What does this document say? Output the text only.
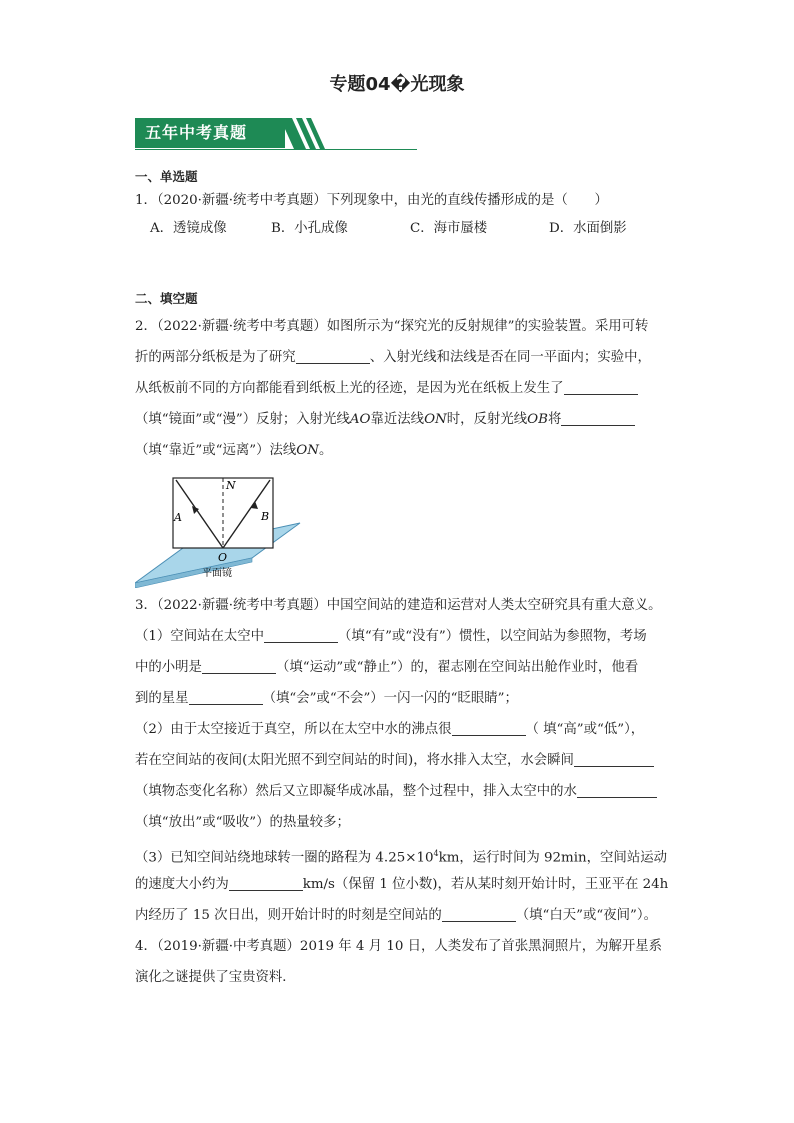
专题04�光现象
五年中考真题
一、单选题
1．（2020·新疆·统考中考真题）下列现象中，由光的直线传播形成的是（　　）
A．透镜成像	B．小孔成像	C．海市蜃楼	D．水面倒影
二、填空题
2．（2022·新疆·统考中考真题）如图所示为“探究光的反射规律”的实验装置。采用可转
折的两部分纸板是为了研究	、入射光线和法线是否在同一平面内；实验中，
从纸板前不同的方向都能看到纸板上光的径迹，是因为光在纸板上发生了
（填“镜面”或“漫”）反射；入射光线AO靠近法线ON时，反射光线OB将
（填“靠近”或“远离”）法线ON。
N
A	B
O
平面镜
3．（2022·新疆·统考中考真题）中国空间站的建造和运营对人类太空研究具有重大意义。
（1）空间站在太空中	（填“有”或“没有”）惯性，以空间站为参照物，考场
中的小明是	（填“运动”或“静止”）的，翟志刚在空间站出舱作业时，他看
到的星星	（填“会”或“不会”）一闪一闪的“眨眼睛”；
（2）由于太空接近于真空，所以在太空中水的沸点很	（ 填“高”或“低”），
若在空间站的夜间(太阳光照不到空间站的时间)，将水排入太空，水会瞬间
（填物态变化名称）然后又立即凝华成冰晶，整个过程中，排入太空中的水
（填“放出”或“吸收”）的热量较多；
（3）已知空间站绕地球转一圈的路程为 $4.25\times 10^4km$，运行时间为 92min，空间站运动
的速度大小约为	km/s（保留 1 位小数)，若从某时刻开始计时，王亚平在 24h
内经历了 15 次日出，则开始计时的时刻是空间站的	（填“白天”或“夜间”）。
4．（2019·新疆·中考真题）2019 年 4 月 10 日，人类发布了首张黑洞照片，为解开星系
演化之谜提供了宝贵资料．
